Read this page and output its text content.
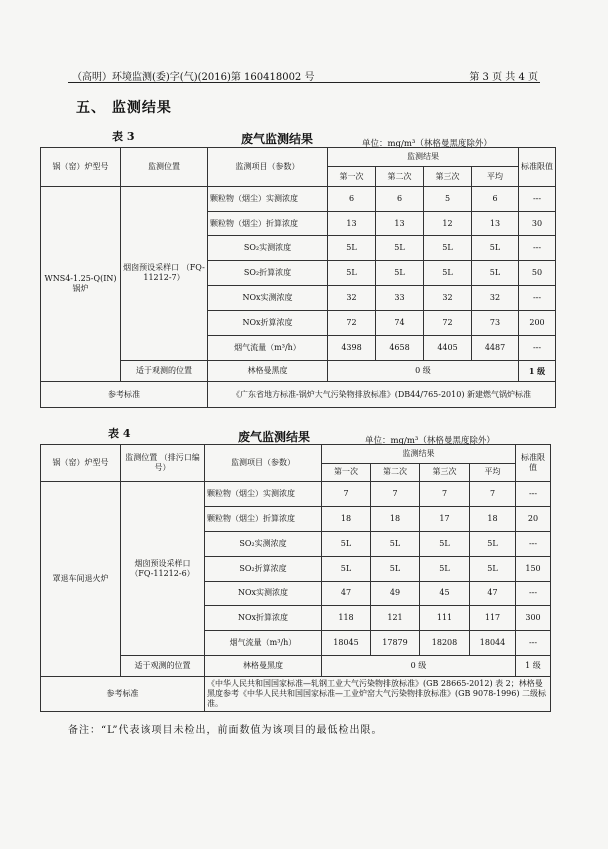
（高明）环境监测(委)字(气)(2016)第 160418002 号	第 3 页 共 4 页
五、 监测结果
表 3	废气监测结果	单位：mg/m³（林格曼黑度除外）
锅（窑）炉型号	监测位置	监测项目（参数）	监测结果				标准限值
			第一次	第二次	第三次	平均	
WNS4-1.25-Q(IN) 锅炉	烟囱预设采样口 （FQ-11212-7）	颗粒物（烟尘）实测浓度	6	6	5	6	---
		颗粒物（烟尘）折算浓度	13	13	12	13	30
		SO₂实测浓度	5L	5L	5L	5L	---
		SO₂折算浓度	5L	5L	5L	5L	50
		NOx实测浓度	32	33	32	32	---
		NOx折算浓度	72	74	72	73	200
		烟气流量（m³/h）	4398	4658	4405	4487	---
	适于观测的位置	林格曼黑度	0 级				1 级
参考标准		《广东省地方标准-锅炉大气污染物排放标准》(DB44/765-2010) 新建燃气锅炉标准					
表 4	废气监测结果	单位：mg/m³（林格曼黑度除外）
锅（窑）炉型号	监测位置 （排污口编号）	监测项目（参数）	监测结果				标准限值
			第一次	第二次	第三次	平均	
罩退车间退火炉	烟囱预设采样口 （FQ-11212-6）	颗粒物（烟尘）实测浓度	7	7	7	7	---
		颗粒物（烟尘）折算浓度	18	18	17	18	20
		SO₂实测浓度	5L	5L	5L	5L	---
		SO₂折算浓度	5L	5L	5L	5L	150
		NOx实测浓度	47	49	45	47	---
		NOx折算浓度	118	121	111	117	300
		烟气流量（m³/h）	18045	17879	18208	18044	---
	适于观测的位置	林格曼黑度	0 级				1 级
参考标准		《中华人民共和国国家标准—轧钢工业大气污染物排放标准》(GB 28665-2012) 表 2；林格曼黑度参考《中华人民共和国国家标准—工业炉窑大气污染物排放标准》(GB 9078-1996) 二级标准。					
备注：“L”代表该项目未检出，前面数值为该项目的最低检出限。
